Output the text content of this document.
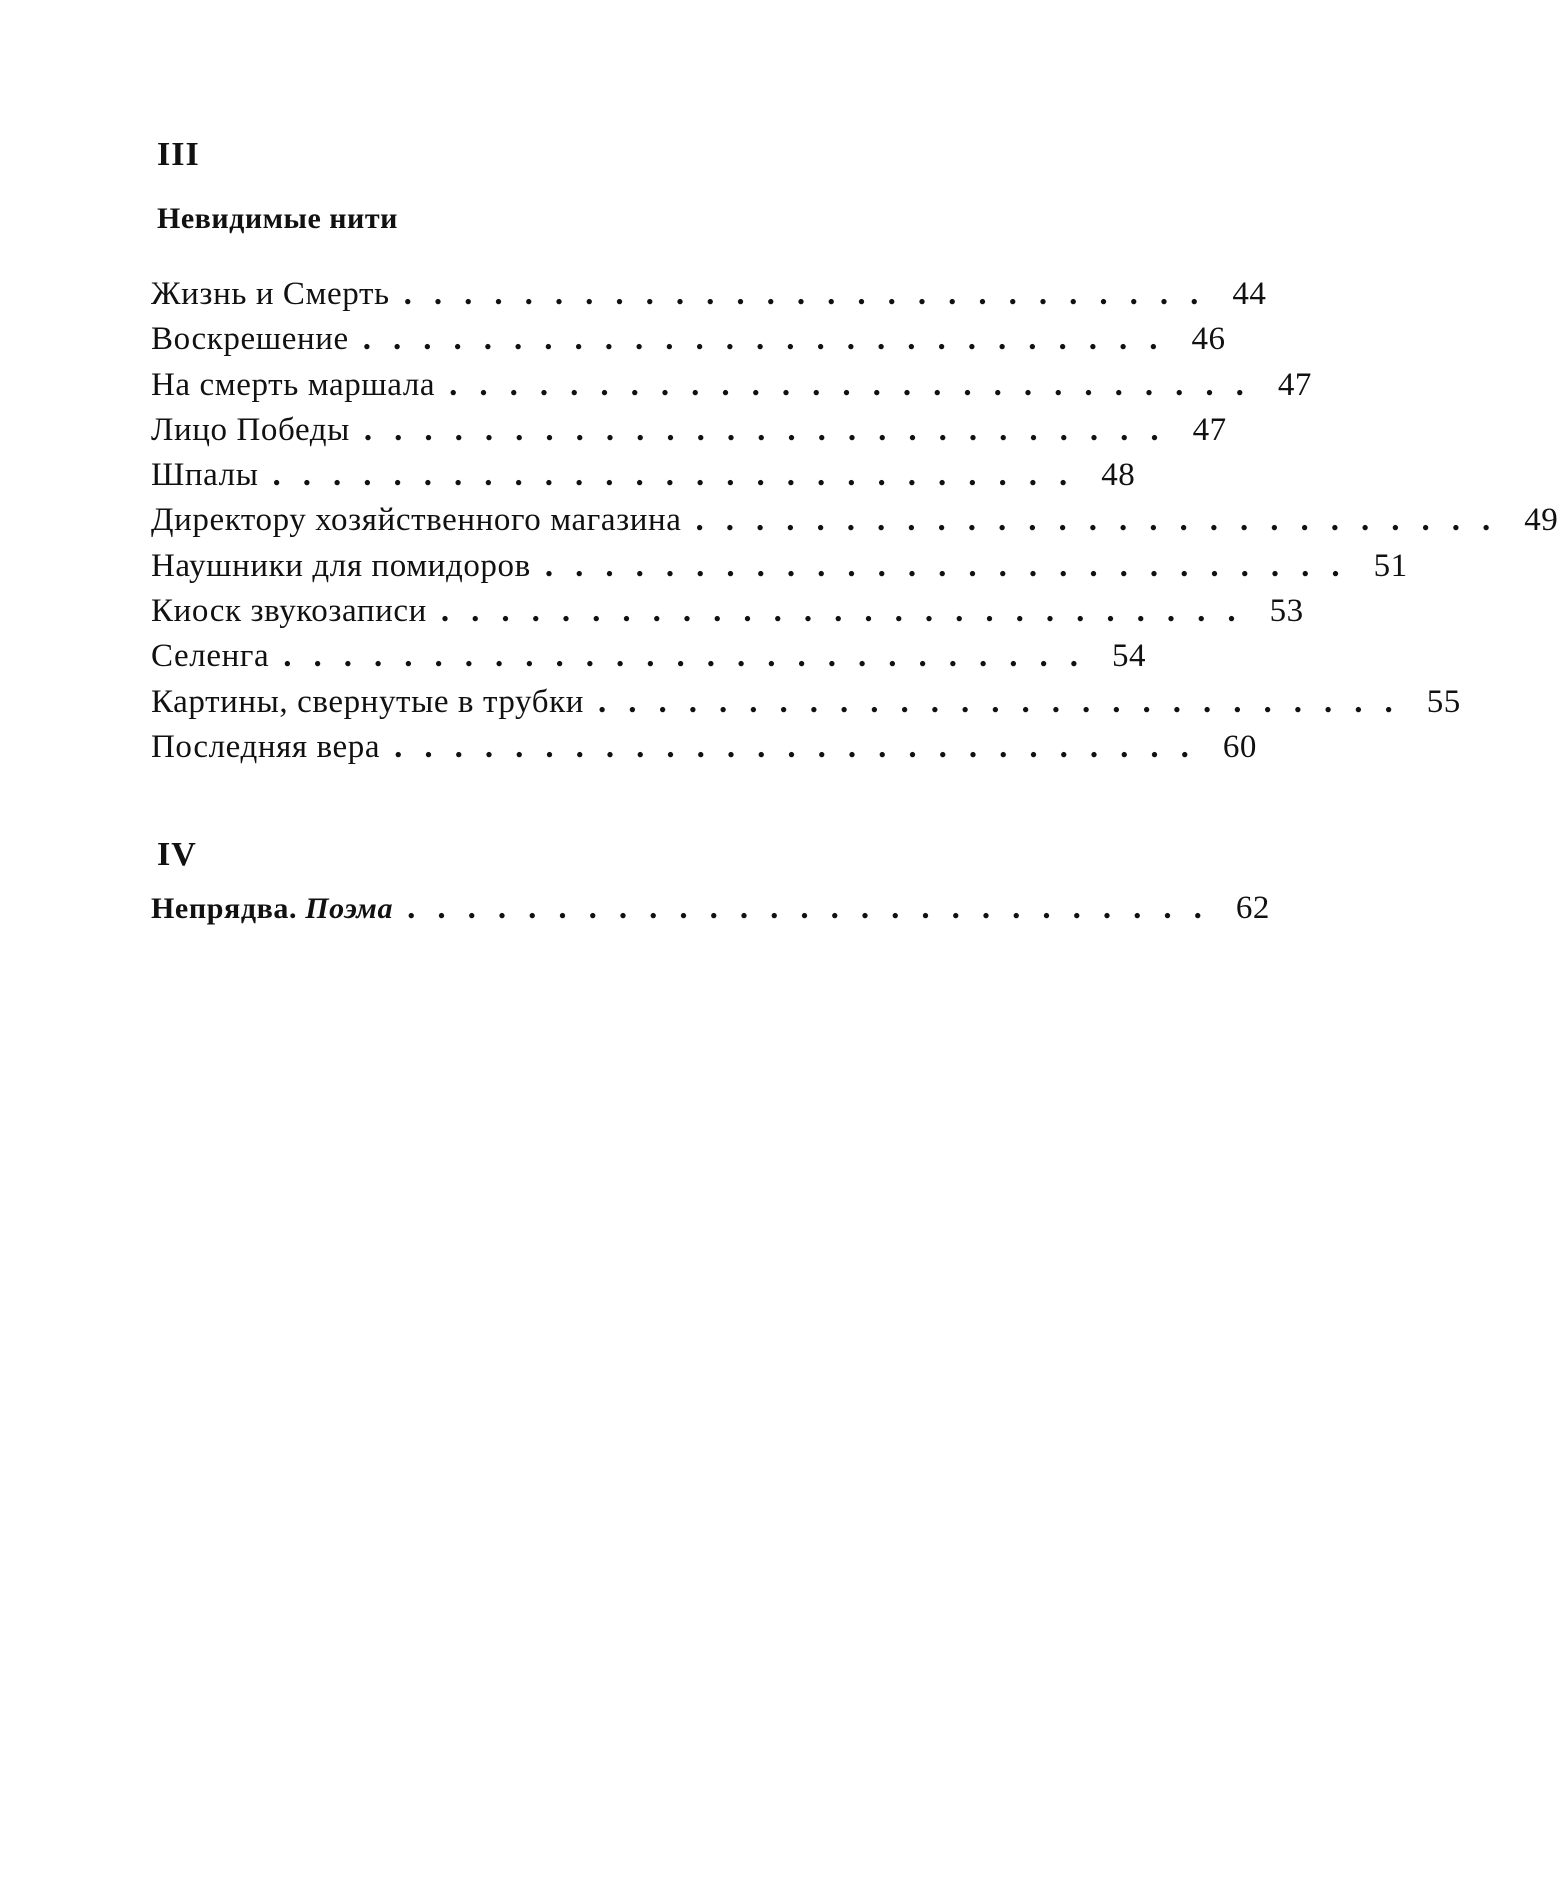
III
Невидимые нити
Жизнь и Смерть ........................... 44
Воскрешение ........................... 46
На смерть маршала ........................... 47
Лицо Победы ........................... 47
Шпалы ........................... 48
Директору хозяйственного магазина ........................... 49
Наушники для помидоров ........................... 51
Киоск звукозаписи ........................... 53
Селенга ........................... 54
Картины, свернутые в трубки ........................... 55
Последняя вера ........................... 60
IV
Непрядва. Поэма ........................... 62
